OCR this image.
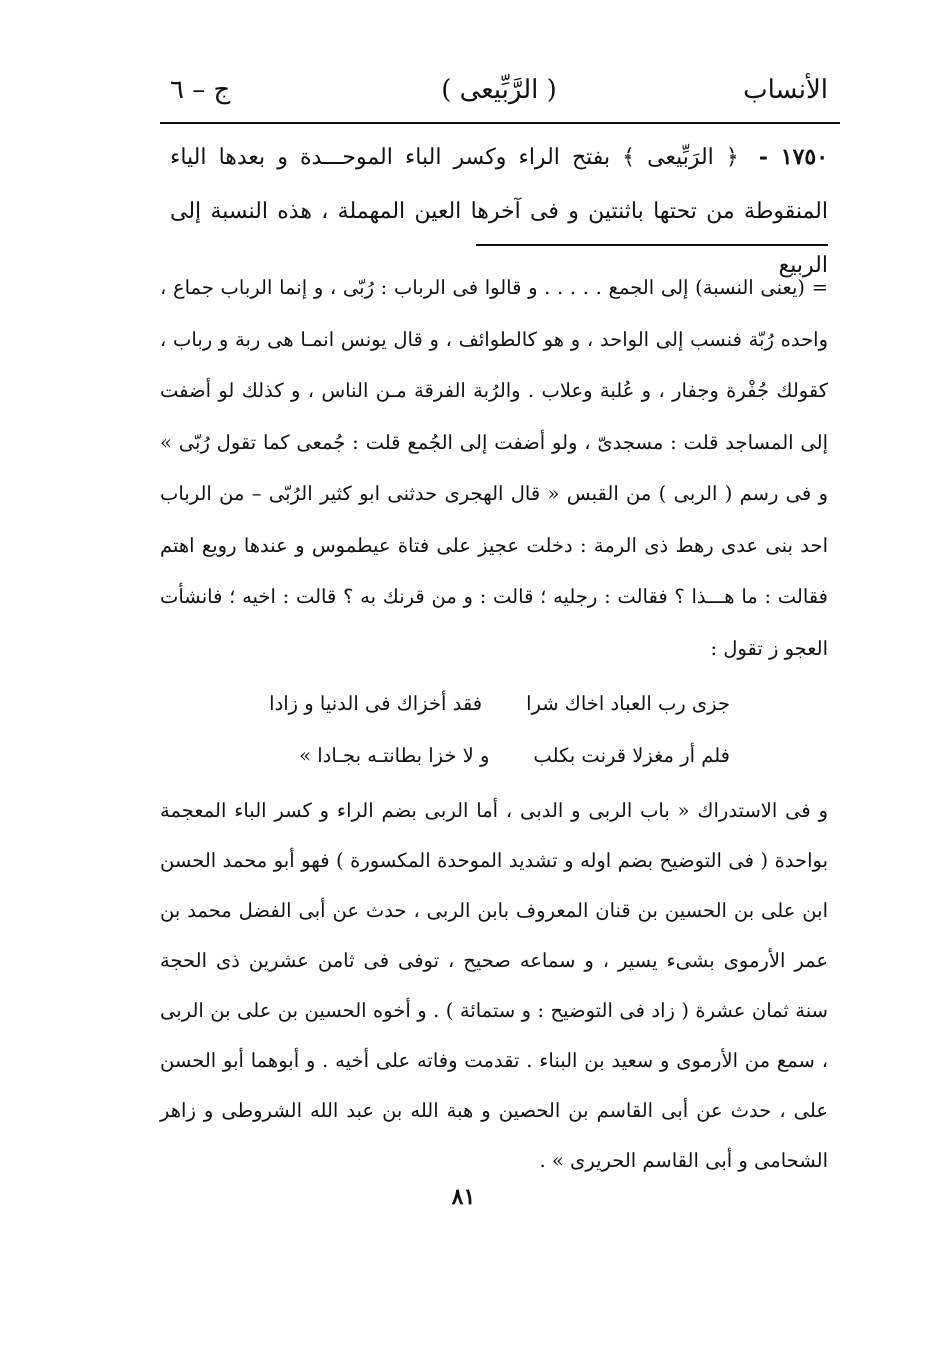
الأنساب
( الرَّبِّيعى )
ج – ٦
١٧٥٠ - ﴿ الرَبِّيعى ﴾ بفتح الراء وكسر الباء الموحـــدة و بعدها الياء المنقوطة من تحتها باثنتين و فى آخرها العين المهملة ، هذه النسبة إلى الربيع

= (يعنى النسبة) إلى الجمع . . . . . و قالوا فى الرباب : رُبّى ، و إنما الرباب جماع ، واحده رُبّة فنسب إلى الواحد ، و هو كالطوائف ، و قال يونس انمـا هى ربة و رباب ، كقولك جُفْرة وجفار ، و عُلبة وعلاب . والرُبة الفرقة مـن الناس ، و كذلك لو أضفت إلى المساجد قلت : مسجدىّ ، ولو أضفت إلى الجُمع قلت : جُمعى كما تقول رُبّى » و فى رسم ( الربى ) من القبس « قال الهجرى حدثنى ابو كثير الرُبّى – من الرباب احد بنى عدى رهط ذى الرمة : دخلت عجيز على فتاة عيطموس و عندها رويع اهتم فقالت : ما هـــذا ؟ فقالت : رجليه ؛ قالت : و من قرنك به ؟ قالت : اخيه ؛ فانشأت العجو ز تقول :

جزى رب العباد اخاك شرا
فقد أخزاك فى الدنيا و زادا
فلم أر مغزلا قرنت بكلب
و لا خزا بطانتـه بجـادا »

و فى الاستدراك « باب الربى و الدبى ، أما الربى بضم الراء و كسر الباء المعجمة بواحدة ( فى التوضيح بضم اوله و تشديد الموحدة المكسورة ) فهو أبو محمد الحسن ابن على بن الحسين بن قنان المعروف بابن الربى ، حدث عن أبى الفضل محمد بن عمر الأرموى بشىء يسير ، و سماعه صحيح ، توفى فى ثامن عشرين ذى الحجة سنة ثمان عشرة ( زاد فى التوضيح : و ستمائة ) . و أخوه الحسين بن على بن الربى ، سمع من الأرموى و سعيد بن البناء . تقدمت وفاته على أخيه . و أبوهما أبو الحسن على ، حدث عن أبى القاسم بن الحصين و هبة الله بن عبد الله الشروطى و زاهر الشحامى و أبى القاسم الحريرى » .

٨١
